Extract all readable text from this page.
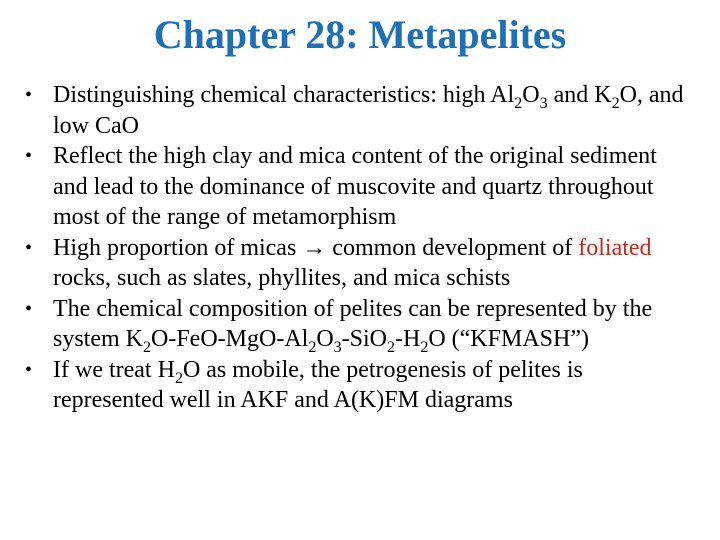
Chapter 28: Metapelites
• Distinguishing chemical characteristics: high $Al_2O_3$ and $K_2O$, and low CaO
• Reflect the high clay and mica content of the original sediment and lead to the dominance of muscovite and quartz throughout most of the range of metamorphism
• High proportion of micas → common development of foliated rocks, such as slates, phyllites, and mica schists
• The chemical composition of pelites can be represented by the system $K_2O-FeO-MgO-Al_2O_3-SiO_2-H_2O$ (“KFMASH”)
• If we treat $H_2O$ as mobile, the petrogenesis of pelites is represented well in AKF and A(K)FM diagrams
